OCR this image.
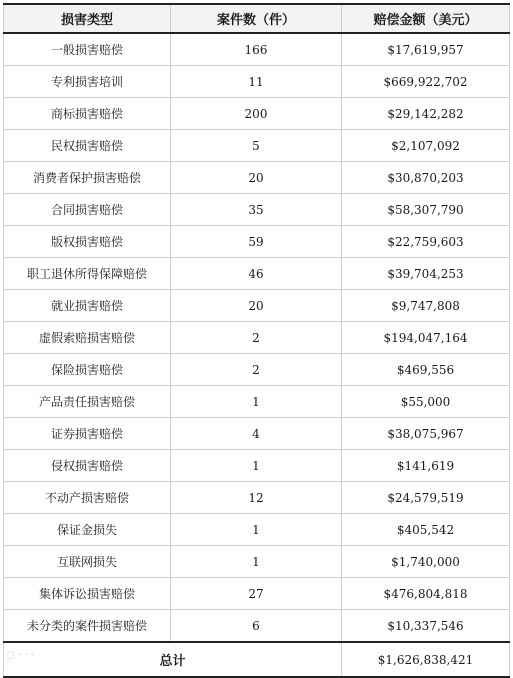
损害类型	案件数（件）	赔偿金额（美元）
一般损害赔偿	166	$17,619,957
专利损害培训	11	$669,922,702
商标损害赔偿	200	$29,142,282
民权损害赔偿	5	$2,107,092
消费者保护损害赔偿	20	$30,870,203
合同损害赔偿	35	$58,307,790
版权损害赔偿	59	$22,759,603
职工退休所得保障赔偿	46	$39,704,253
就业损害赔偿	20	$9,747,808
虚假索赔损害赔偿	2	$194,047,164
保险损害赔偿	2	$469,556
产品责任损害赔偿	1	$55,000
证券损害赔偿	4	$38,075,967
侵权损害赔偿	1	$141,619
不动产损害赔偿	12	$24,579,519
保证金损失	1	$405,542
互联网损失	1	$1,740,000
集体诉讼损害赔偿	27	$476,804,818
未分类的案件损害赔偿	6	$10,337,546
总计		$1,626,838,421
◌ · · ·
